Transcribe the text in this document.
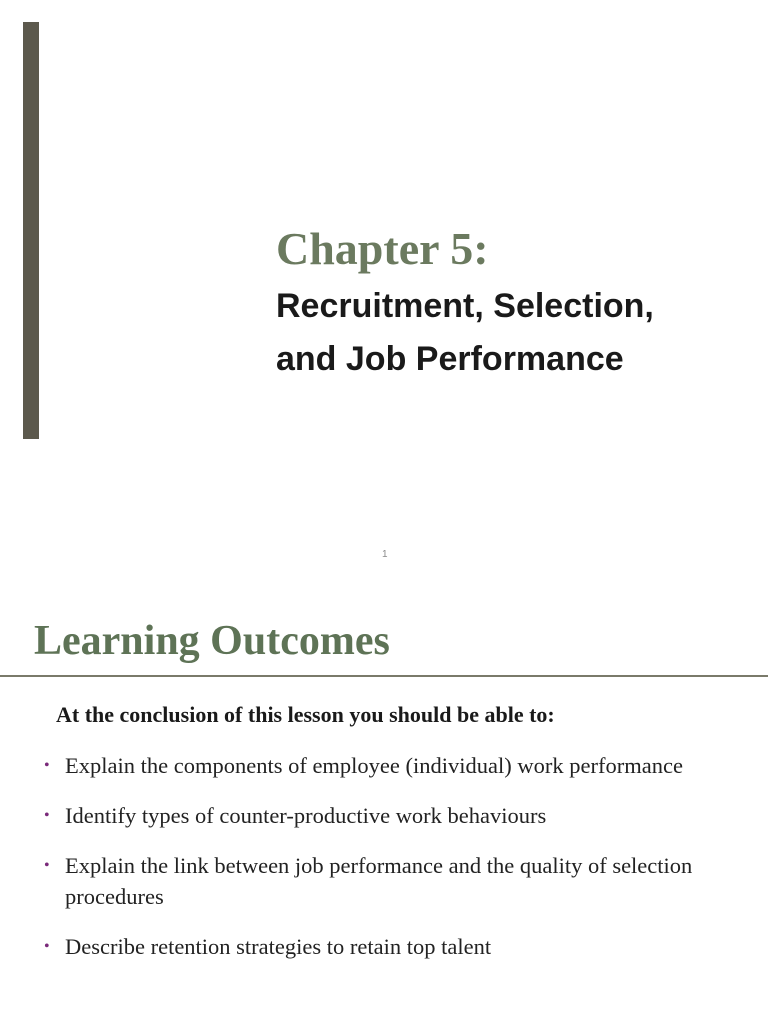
Chapter 5:
Recruitment, Selection,
and Job Performance
1
Learning Outcomes
At the conclusion of this lesson you should be able to:
• Explain the components of employee (individual) work performance
• Identify types of counter-productive work behaviours
• Explain the link between job performance and the quality of selection procedures
• Describe retention strategies to retain top talent
